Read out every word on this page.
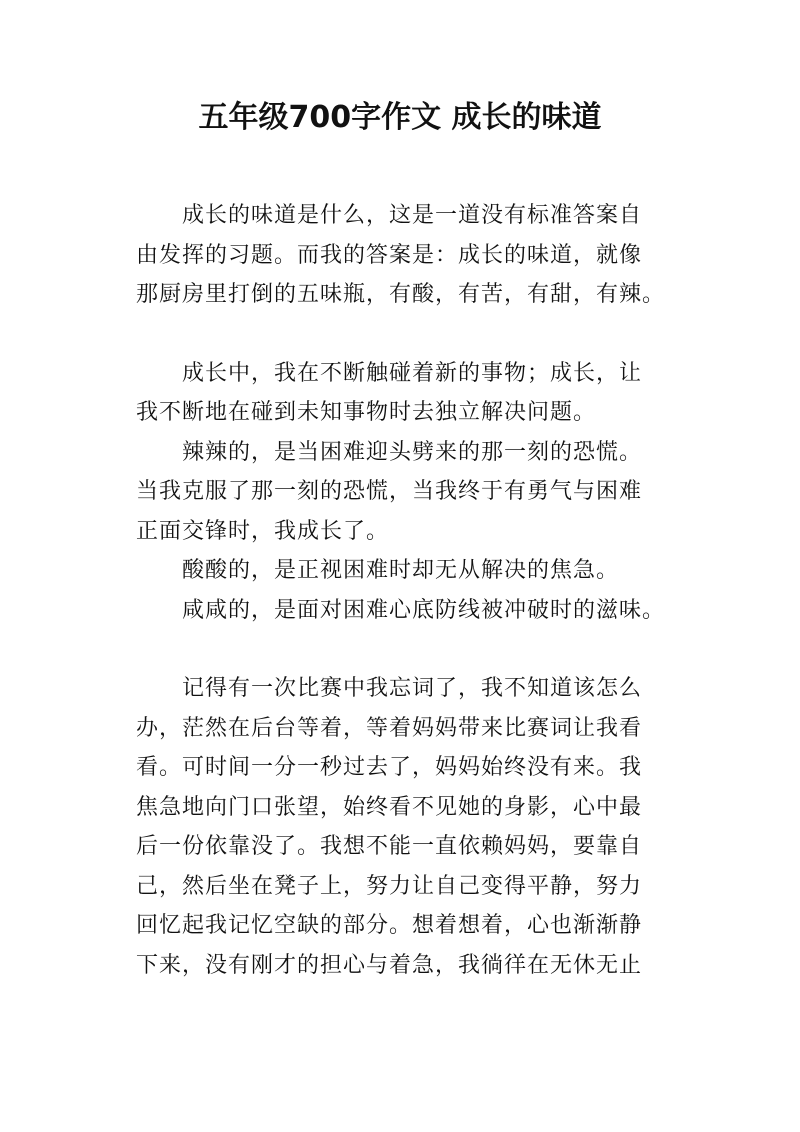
五年级700字作文 成长的味道

成长的味道是什么，这是一道没有标准答案自
由发挥的习题。而我的答案是：成长的味道，就像
那厨房里打倒的五味瓶，有酸，有苦，有甜，有辣。

成长中，我在不断触碰着新的事物；成长，让
我不断地在碰到未知事物时去独立解决问题。

辣辣的，是当困难迎头劈来的那一刻的恐慌。
当我克服了那一刻的恐慌，当我终于有勇气与困难
正面交锋时，我成长了。

酸酸的，是正视困难时却无从解决的焦急。

咸咸的，是面对困难心底防线被冲破时的滋味。

记得有一次比赛中我忘词了，我不知道该怎么
办，茫然在后台等着，等着妈妈带来比赛词让我看
看。可时间一分一秒过去了，妈妈始终没有来。我
焦急地向门口张望，始终看不见她的身影，心中最
后一份依靠没了。我想不能一直依赖妈妈，要靠自
己，然后坐在凳子上，努力让自己变得平静，努力
回忆起我记忆空缺的部分。想着想着，心也渐渐静
下来，没有刚才的担心与着急，我徜徉在无休无止
